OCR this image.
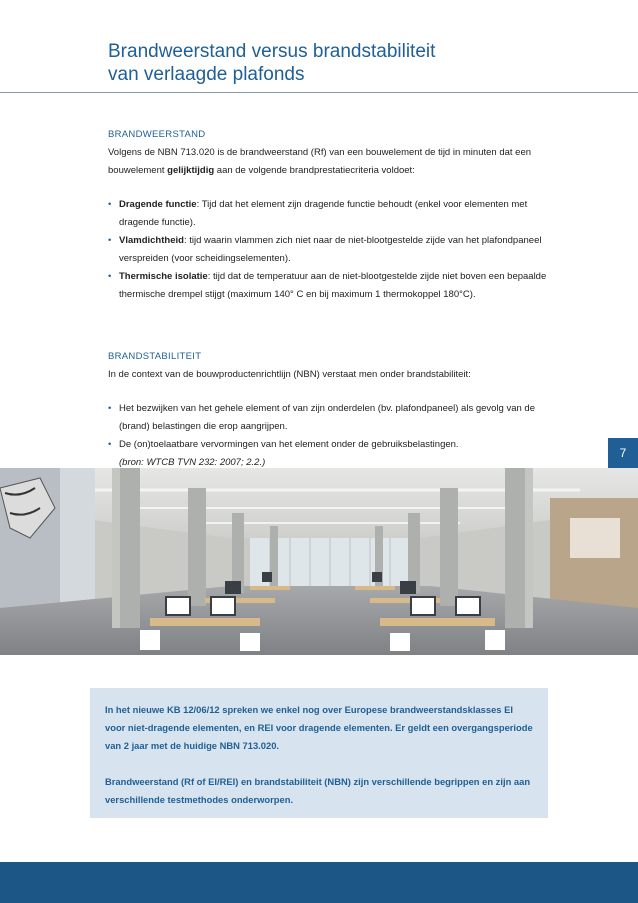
Brandweerstand versus brandstabiliteit
van verlaagde plafonds
BRANDWEERSTAND
Volgens de NBN 713.020 is de brandweerstand (Rf) van een bouwelement de tijd in minuten dat een bouwelement gelijktijdig aan de volgende brandprestatiecriteria voldoet:
• Dragende functie: Tijd dat het element zijn dragende functie behoudt (enkel voor elementen met dragende functie).
• Vlamdichtheid: tijd waarin vlammen zich niet naar de niet-blootgestelde zijde van het plafondpaneel verspreiden (voor scheidingselementen).
• Thermische isolatie: tijd dat de temperatuur aan de niet-blootgestelde zijde niet boven een bepaalde thermische drempel stijgt (maximum 140° C en bij maximum 1 thermokoppel 180°C).
BRANDSTABILITEIT
In de context van de bouwproductenrichtlijn (NBN) verstaat men onder brandstabiliteit:
• Het bezwijken van het gehele element of van zijn onderdelen (bv. plafondpaneel) als gevolg van de (brand) belastingen die erop aangrijpen.
• De (on)toelaatbare vervormingen van het element onder de gebruiksbelastingen.
(bron: WTCB TVN 232: 2007; 2.2.)
7

In het nieuwe KB 12/06/12 spreken we enkel nog over Europese brandweerstandsklasses EI voor niet-dragende elementen, en REI voor dragende elementen. Er geldt een overgangsperiode van 2 jaar met de huidige NBN 713.020.

Brandweerstand (Rf of EI/REI) en brandstabiliteit (NBN) zijn verschillende begrippen en zijn aan verschillende testmethodes onderworpen.
